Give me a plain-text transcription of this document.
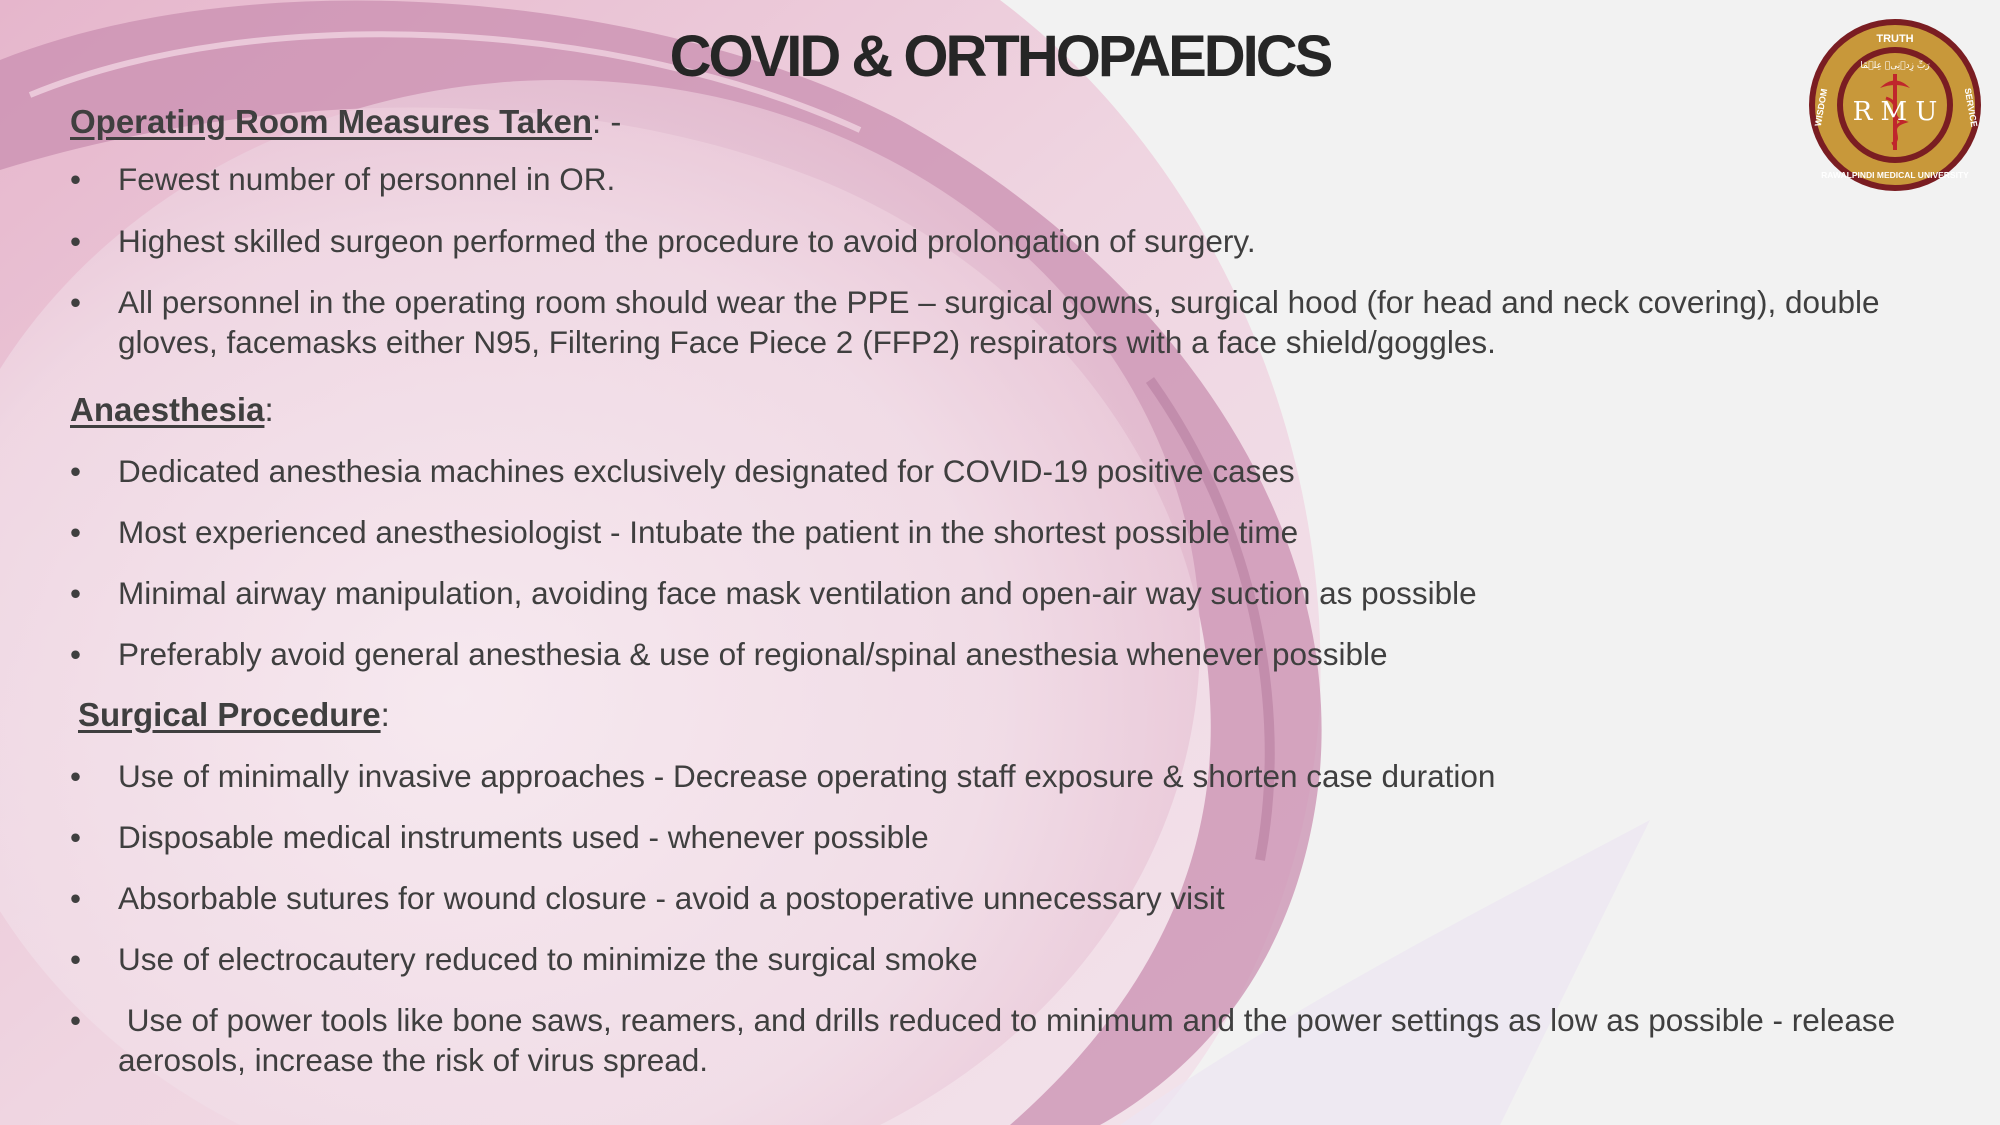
COVID & ORTHOPAEDICS	TRUTH
WISDOM	SERVICE
RAWALPINDI MEDICAL UNIVERSITY
رَبِّ زِدۡنِیۡ عِلۡمًا
R M U
Operating Room Measures Taken: -
• Fewest number of personnel in OR.
• Highest skilled surgeon performed the procedure to avoid prolongation of surgery.
• All personnel in the operating room should wear the PPE – surgical gowns, surgical hood (for head and neck covering), double gloves, facemasks either N95, Filtering Face Piece 2 (FFP2) respirators with a face shield/goggles.
Anaesthesia:
• Dedicated anesthesia machines exclusively designated for COVID-19 positive cases
• Most experienced anesthesiologist - Intubate the patient in the shortest possible time
• Minimal airway manipulation, avoiding face mask ventilation and open-air way suction as possible
• Preferably avoid general anesthesia & use of regional/spinal anesthesia whenever possible
Surgical Procedure:
• Use of minimally invasive approaches - Decrease operating staff exposure & shorten case duration
• Disposable medical instruments used - whenever possible
• Absorbable sutures for wound closure - avoid a postoperative unnecessary visit
• Use of electrocautery reduced to minimize the surgical smoke
• Use of power tools like bone saws, reamers, and drills reduced to minimum and the power settings as low as possible - release aerosols, increase the risk of virus spread.
